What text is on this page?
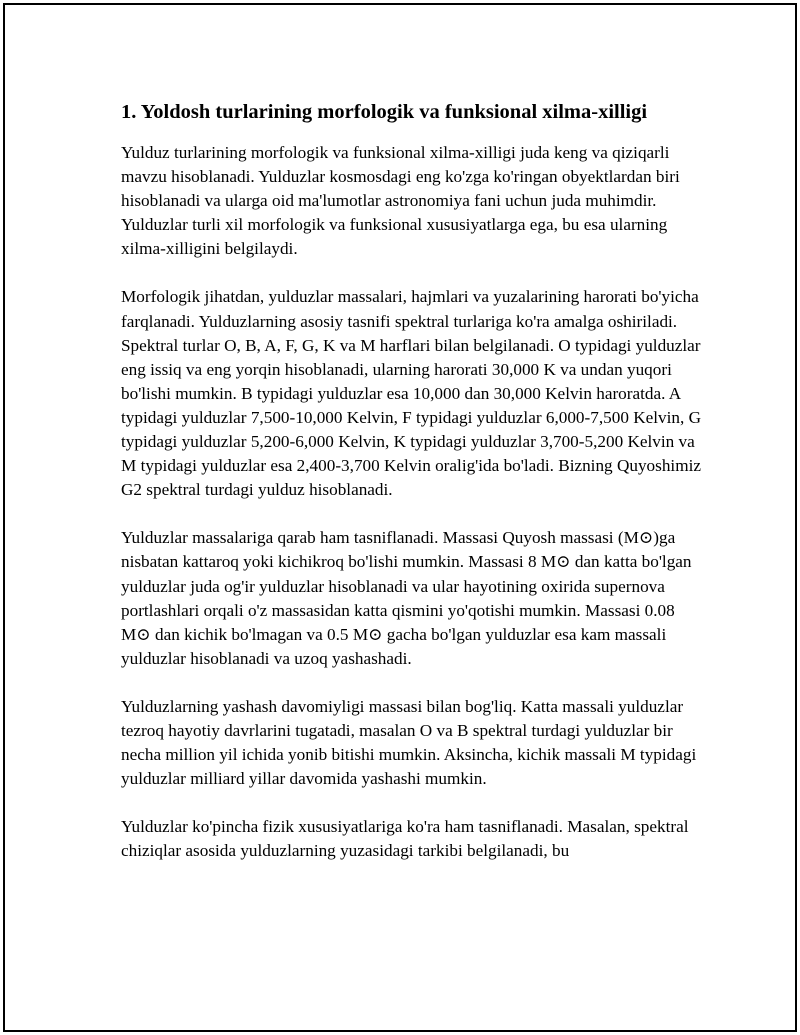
1. Yoldosh turlarining morfologik va funksional xilma-xilligi

Yulduz turlarining morfologik va funksional xilma-xilligi juda keng va qiziqarli mavzu hisoblanadi. Yulduzlar kosmosdagi eng ko'zga ko'ringan obyektlardan biri hisoblanadi va ularga oid ma'lumotlar astronomiya fani uchun juda muhimdir. Yulduzlar turli xil morfologik va funksional xususiyatlarga ega, bu esa ularning xilma-xilligini belgilaydi.

Morfologik jihatdan, yulduzlar massalari, hajmlari va yuzalarining harorati bo'yicha farqlanadi. Yulduzlarning asosiy tasnifi spektral turlariga ko'ra amalga oshiriladi. Spektral turlar O, B, A, F, G, K va M harflari bilan belgilanadi. O typidagi yulduzlar eng issiq va eng yorqin hisoblanadi, ularning harorati 30,000 K va undan yuqori bo'lishi mumkin. B typidagi yulduzlar esa 10,000 dan 30,000 Kelvin haroratda. A typidagi yulduzlar 7,500-10,000 Kelvin, F typidagi yulduzlar 6,000-7,500 Kelvin, G typidagi yulduzlar 5,200-6,000 Kelvin, K typidagi yulduzlar 3,700-5,200 Kelvin va M typidagi yulduzlar esa 2,400-3,700 Kelvin oralig'ida bo'ladi. Bizning Quyoshimiz G2 spektral turdagi yulduz hisoblanadi.

Yulduzlar massalariga qarab ham tasniflanadi. Massasi Quyosh massasi (M⊙)ga nisbatan kattaroq yoki kichikroq bo'lishi mumkin. Massasi 8 M⊙ dan katta bo'lgan yulduzlar juda og'ir yulduzlar hisoblanadi va ular hayotining oxirida supernova portlashlari orqali o'z massasidan katta qismini yo'qotishi mumkin. Massasi 0.08 M⊙ dan kichik bo'lmagan va 0.5 M⊙ gacha bo'lgan yulduzlar esa kam massali yulduzlar hisoblanadi va uzoq yashashadi.

Yulduzlarning yashash davomiyligi massasi bilan bog'liq. Katta massali yulduzlar tezroq hayotiy davrlarini tugatadi, masalan O va B spektral turdagi yulduzlar bir necha million yil ichida yonib bitishi mumkin. Aksincha, kichik massali M typidagi yulduzlar milliard yillar davomida yashashi mumkin.

Yulduzlar ko'pincha fizik xususiyatlariga ko'ra ham tasniflanadi. Masalan, spektral chiziqlar asosida yulduzlarning yuzasidagi tarkibi belgilanadi, bu
